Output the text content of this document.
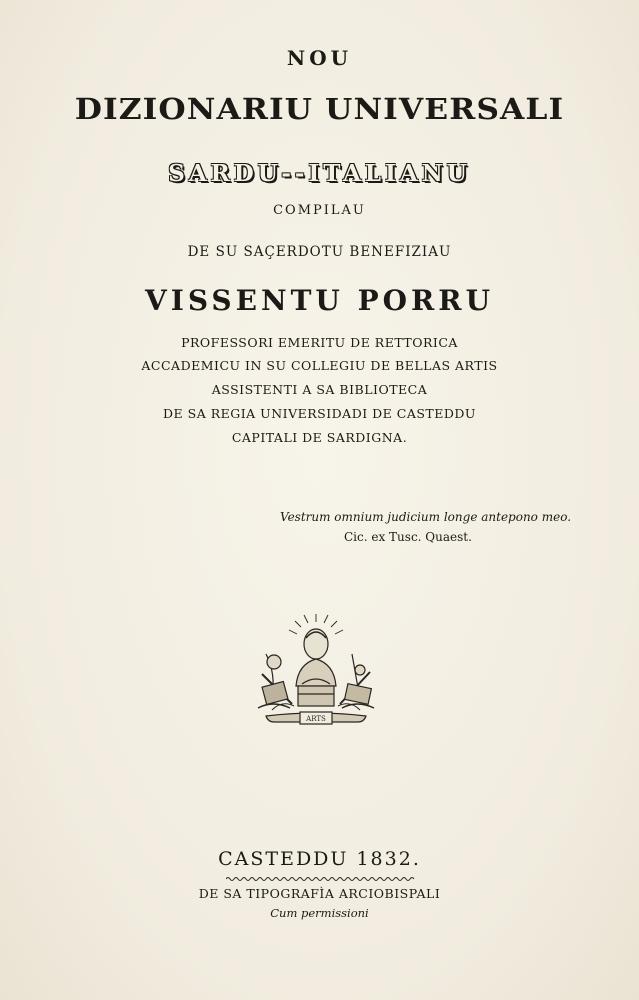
NOU
DIZIONARIU UNIVERSALI
SARDU--ITALIANU
COMPILAU
DE SU SAÇERDOTU BENEFIZIAU
VISSENTU PORRU
PROFESSORI EMERITU DE RETTORICA
ACCADEMICU IN SU COLLEGIU DE BELLAS ARTIS
ASSISTENTI A SA BIBLIOTECA
DE SA REGIA UNIVERSIDADI DE CASTEDDU
CAPITALI DE SARDIGNA.
Vestrum omnium judicium longe antepono meo.
Cic. ex Tusc. Quaest.
ARTS
CASTEDDU 1832.
DE SA TIPOGRAFÌA ARCIOBISPALI
Cum permissioni
